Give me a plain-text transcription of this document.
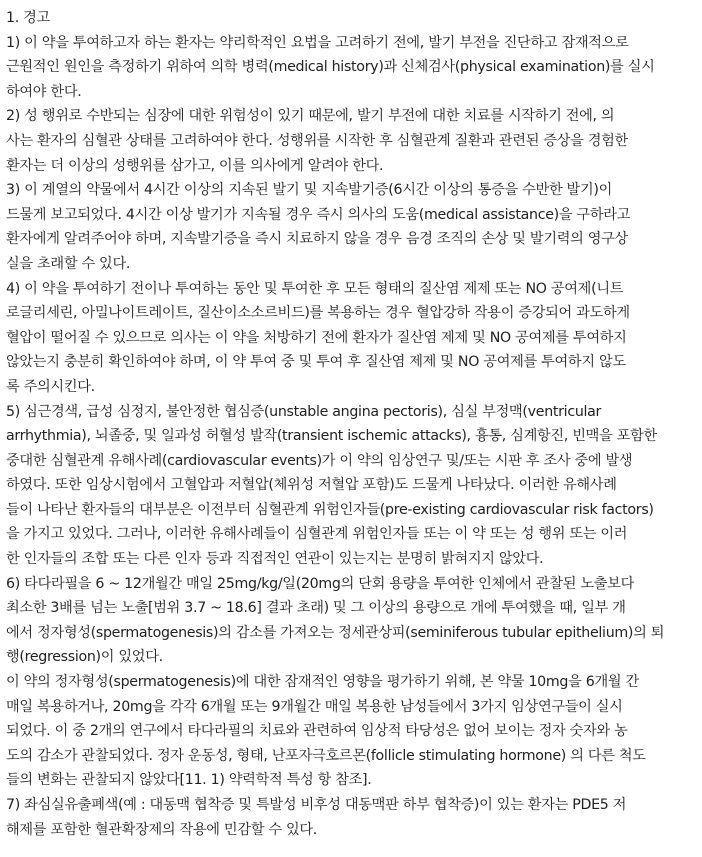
1. 경고
1) 이 약을 투여하고자 하는 환자는 약리학적인 요법을 고려하기 전에, 발기 부전을 진단하고 잠재적으로
근원적인 원인을 측정하기 위하여 의학 병력(medical history)과 신체검사(physical examination)를 실시
하여야 한다.
2) 성 행위로 수반되는 심장에 대한 위험성이 있기 때문에, 발기 부전에 대한 치료를 시작하기 전에, 의
사는 환자의 심혈관 상태를 고려하여야 한다. 성행위를 시작한 후 심혈관계 질환과 관련된 증상을 경험한
환자는 더 이상의 성행위를 삼가고, 이를 의사에게 알려야 한다.
3) 이 계열의 약물에서 4시간 이상의 지속된 발기 및 지속발기증(6시간 이상의 통증을 수반한 발기)이
드물게 보고되었다. 4시간 이상 발기가 지속될 경우 즉시 의사의 도움(medical assistance)을 구하라고
환자에게 알려주어야 하며, 지속발기증을 즉시 치료하지 않을 경우 음경 조직의 손상 및 발기력의 영구상
실을 초래할 수 있다.
4) 이 약을 투여하기 전이나 투여하는 동안 및 투여한 후 모든 형태의 질산염 제제 또는 NO 공여제(니트
로글리세린, 아밀나이트레이트, 질산이소소르비드)를 복용하는 경우 혈압강하 작용이 증강되어 과도하게
혈압이 떨어질 수 있으므로 의사는 이 약을 처방하기 전에 환자가 질산염 제제 및 NO 공여제를 투여하지
않았는지 충분히 확인하여야 하며, 이 약 투여 중 및 투여 후 질산염 제제 및 NO 공여제를 투여하지 않도
록 주의시킨다.
5) 심근경색, 급성 심정지, 불안정한 협심증(unstable angina pectoris), 심실 부정맥(ventricular
arrhythmia), 뇌졸중, 및 일과성 허혈성 발작(transient ischemic attacks), 흉통, 심계항진, 빈맥을 포함한
중대한 심혈관계 유해사례(cardiovascular events)가 이 약의 임상연구 및/또는 시판 후 조사 중에 발생
하였다. 또한 임상시험에서 고혈압과 저혈압(체위성 저혈압 포함)도 드물게 나타났다. 이러한 유해사례
들이 나타난 환자들의 대부분은 이전부터 심혈관계 위험인자들(pre-existing cardiovascular risk factors)
을 가지고 있었다. 그러나, 이러한 유해사례들이 심혈관계 위험인자들 또는 이 약 또는 성 행위 또는 이러
한 인자들의 조합 또는 다른 인자 등과 직접적인 연관이 있는지는 분명히 밝혀지지 않았다.
6) 타다라필을 6 ~ 12개월간 매일 25mg/kg/일(20mg의 단회 용량을 투여한 인체에서 관찰된 노출보다
최소한 3배를 넘는 노출[범위 3.7 ~ 18.6] 결과 초래) 및 그 이상의 용량으로 개에 투여했을 때, 일부 개
에서 정자형성(spermatogenesis)의 감소를 가져오는 정세관상피(seminiferous tubular epithelium)의 퇴
행(regression)이 있었다.
이 약의 정자형성(spermatogenesis)에 대한 잠재적인 영향을 평가하기 위해, 본 약물 10mg을 6개월 간
매일 복용하거나, 20mg을 각각 6개월 또는 9개월간 매일 복용한 남성들에서 3가지 임상연구들이 실시
되었다. 이 중 2개의 연구에서 타다라필의 치료와 관련하여 임상적 타당성은 없어 보이는 정자 숫자와 농
도의 감소가 관찰되었다. 정자 운동성, 형태, 난포자극호르몬(follicle stimulating hormone) 의 다른 척도
들의 변화는 관찰되지 않았다[11. 1) 약력학적 특성 항 참조].
7) 좌심실유출폐색(예 : 대동맥 협착증 및 특발성 비후성 대동맥판 하부 협착증)이 있는 환자는 PDE5 저
해제를 포함한 혈관확장제의 작용에 민감할 수 있다.
